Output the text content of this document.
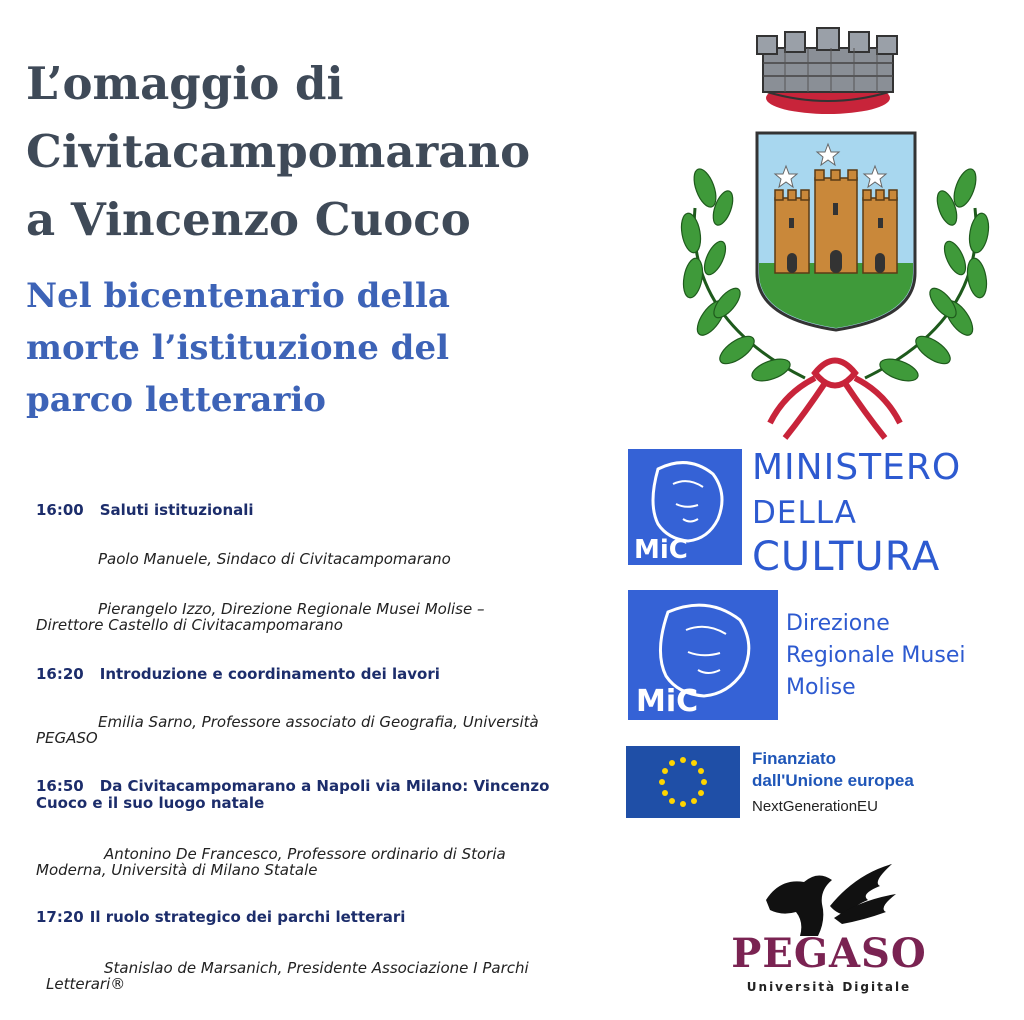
L’omaggio di
Civitacampomarano
a Vincenzo Cuoco
Nel bicentenario della
morte l’istituzione del
parco letterario
16:00 Saluti istituzionali
Paolo Manuele, Sindaco di Civitacampomarano
Pierangelo Izzo, Direzione Regionale Musei Molise –
Direttore Castello di Civitacampomarano
16:20 Introduzione e coordinamento dei lavori
Emilia Sarno, Professore associato di Geografia, Università
PEGASO
16:50 Da Civitacampomarano a Napoli via Milano: Vincenzo
Cuoco e il suo luogo natale
Antonino De Francesco, Professore ordinario di Storia
Moderna, Università di Milano Statale
17:20 Il ruolo strategico dei parchi letterari
Stanislao de Marsanich, Presidente Associazione I Parchi
Letterari®
MiC
MINISTERO
DELLA
CULTURA
MiC
Direzione
Regionale Musei
Molise
Finanziato
dall'Unione europea
NextGenerationEU
PEGASO
Università Digitale
